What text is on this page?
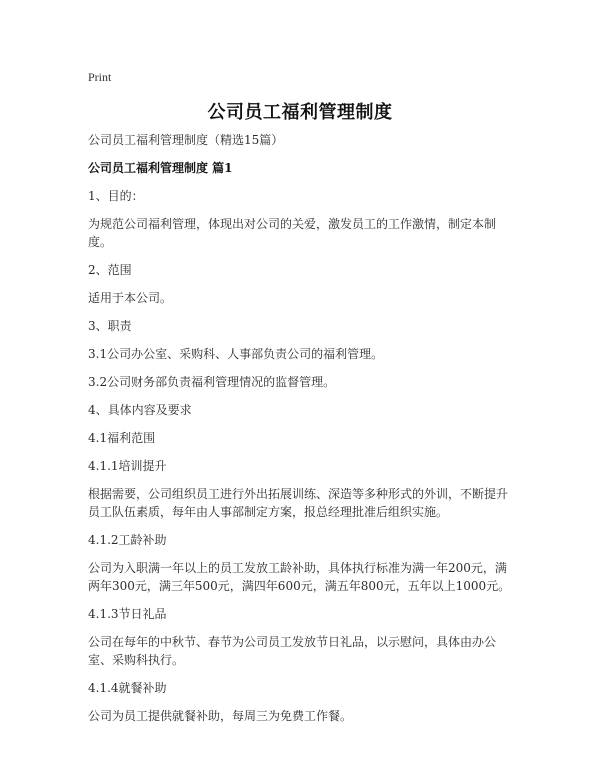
Print
公司员工福利管理制度

公司员工福利管理制度（精选15篇）

公司员工福利管理制度 篇1

1、目的：

为规范公司福利管理，体现出对公司的关爱，激发员工的工作激情，制定本制度。

2、范围

适用于本公司。

3、职责

3.1公司办公室、采购科、人事部负责公司的福利管理。

3.2公司财务部负责福利管理情况的监督管理。

4、具体内容及要求

4.1福利范围

4.1.1培训提升

根据需要，公司组织员工进行外出拓展训练、深造等多种形式的外训，不断提升员工队伍素质，每年由人事部制定方案，报总经理批准后组织实施。

4.1.2工龄补助

公司为入职满一年以上的员工发放工龄补助，具体执行标准为满一年200元，满两年300元，满三年500元，满四年600元，满五年800元，五年以上1000元。

4.1.3节日礼品

公司在每年的中秋节、春节为公司员工发放节日礼品，以示慰问，具体由办公室、采购科执行。

4.1.4就餐补助

公司为员工提供就餐补助，每周三为免费工作餐。
